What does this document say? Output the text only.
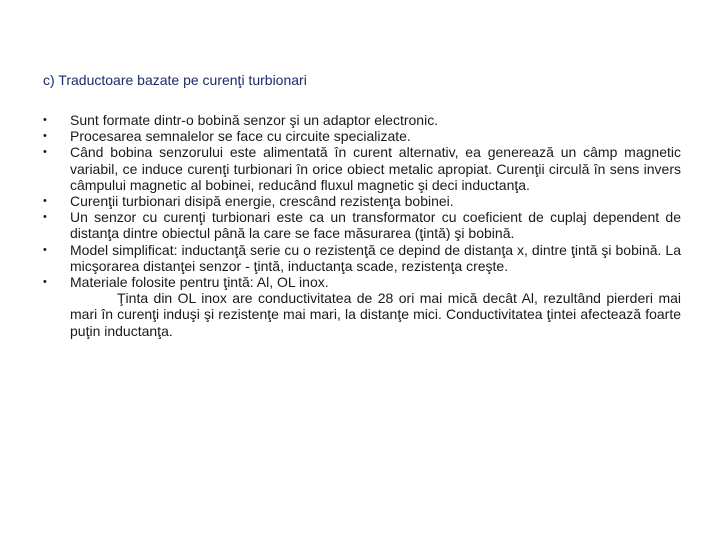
c) Traductoare bazate pe curenţi turbionari
•	Sunt formate dintr-o bobină senzor şi un adaptor electronic.
•	Procesarea semnalelor se face cu circuite specializate.
•	Când bobina senzorului este alimentată în curent alternativ, ea generează un câmp magnetic variabil, ce induce curenţi turbionari în orice obiect metalic apropiat. Curenţii circulă în sens invers câmpului magnetic al bobinei, reducând fluxul magnetic şi deci inductanţa.
•	Curenţii turbionari disipă energie, crescând rezistenţa bobinei.
•	Un senzor cu curenţi turbionari este ca un transformator cu coeficient de cuplaj dependent de distanţa dintre obiectul până la care se face măsurarea (ţintă) şi bobină.
•	Model simplificat: inductanţă serie cu o rezistenţă ce depind de distanţa x, dintre ţintă şi bobină. La micşorarea distanţei senzor - ţintă, inductanţa scade, rezistenţa creşte.
•	Materiale folosite pentru ţintă: Al, OL inox.
Ţinta din OL inox are conductivitatea de 28 ori mai mică decât Al, rezultând pierderi mai mari în curenţi induşi şi rezistenţe mai mari, la distanţe mici. Conductivitatea ţintei afectează foarte puţin inductanţa.
